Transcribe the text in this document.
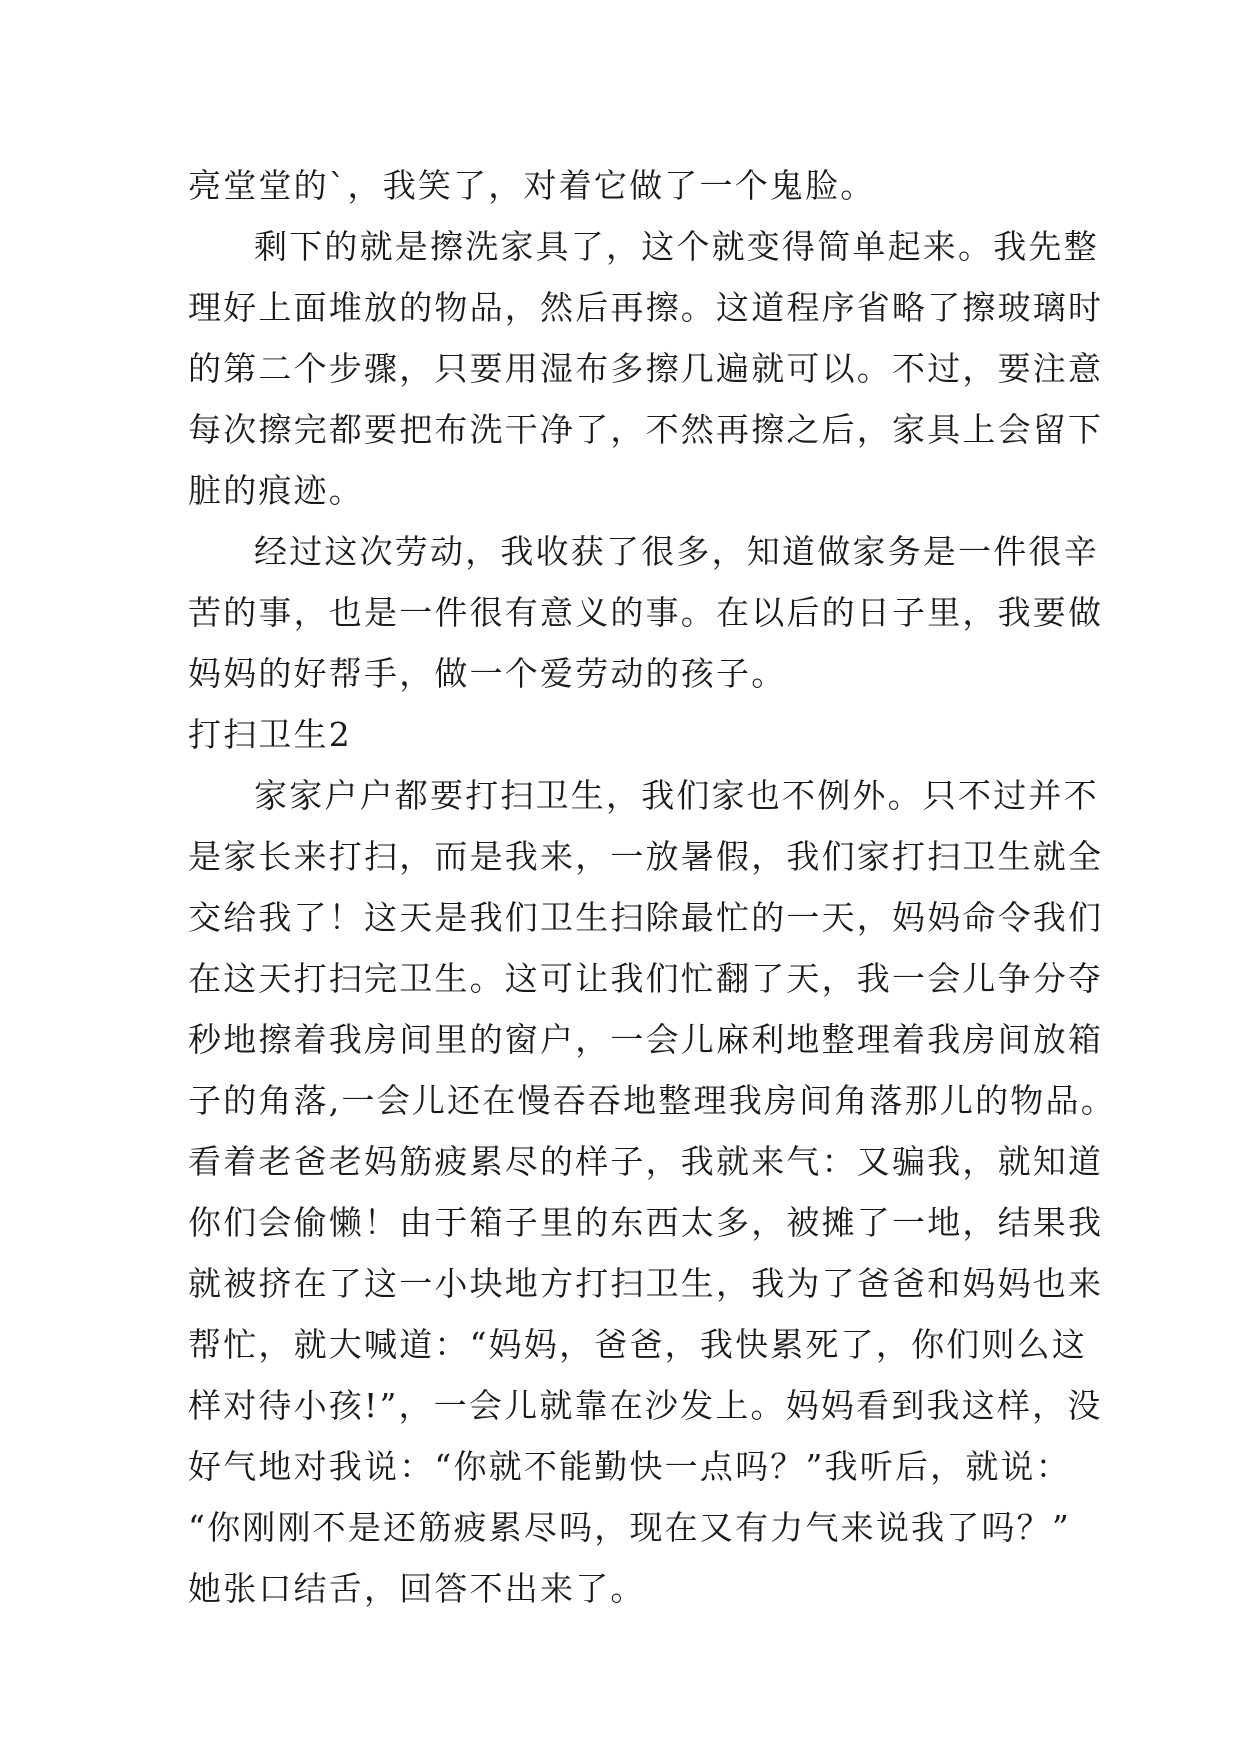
亮堂堂的`，我笑了，对着它做了一个鬼脸。
剩下的就是擦洗家具了，这个就变得简单起来。我先整
理好上面堆放的物品，然后再擦。这道程序省略了擦玻璃时
的第二个步骤，只要用湿布多擦几遍就可以。不过，要注意
每次擦完都要把布洗干净了，不然再擦之后，家具上会留下
脏的痕迹。
经过这次劳动，我收获了很多，知道做家务是一件很辛
苦的事，也是一件很有意义的事。在以后的日子里，我要做
妈妈的好帮手，做一个爱劳动的孩子。
打扫卫生2
家家户户都要打扫卫生，我们家也不例外。只不过并不
是家长来打扫，而是我来，一放暑假，我们家打扫卫生就全
交给我了！这天是我们卫生扫除最忙的一天，妈妈命令我们
在这天打扫完卫生。这可让我们忙翻了天，我一会儿争分夺
秒地擦着我房间里的窗户，一会儿麻利地整理着我房间放箱
子的角落,一会儿还在慢吞吞地整理我房间角落那儿的物品。
看着老爸老妈筋疲累尽的样子，我就来气：又骗我，就知道
你们会偷懒！由于箱子里的东西太多，被摊了一地，结果我
就被挤在了这一小块地方打扫卫生，我为了爸爸和妈妈也来
帮忙，就大喊道：“妈妈，爸爸，我快累死了，你们则么这
样对待小孩!”，一会儿就靠在沙发上。妈妈看到我这样，没
好气地对我说：“你就不能勤快一点吗？”我听后，就说：
“你刚刚不是还筋疲累尽吗，现在又有力气来说我了吗？”
她张口结舌，回答不出来了。
